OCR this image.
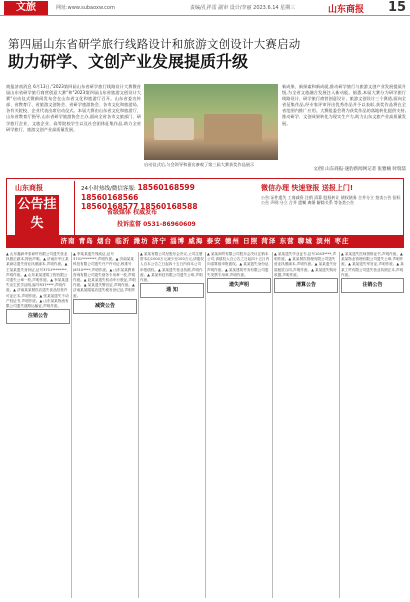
文旅	网址:www.subaoxw.com	责编/孔祥雷 副审 设计/李丽 2023.6.14 星期三	山东商报 15
第四届山东省研学旅行线路设计和旅游文创设计大赛启动
助力研学、文创产业发展提质升级
商报济南消息 6月13日,"2023第四届山东省研学旅行线路设计大赛暨首届山东省研学旅行商营创意大赛"和"2023第四届山东省旅游文创设计大赛"启动仪式暨新闻发布会在山东省文化和旅游厅召开。山东省委宣传部、省教育厅、省旅游文创协会、省研学旅游协会、各市文化和旅游局、各有关院校、企业代表出席启动仪式。本届大赛由山东省文化和旅游厅、山东省教育厅指导,山东省研学旅游协会主办,面向全省各市文旅部门、研学旅行企业、文旅企业、高等院校学生以及社会团体征集作品,助力全省研学旅行、旅游文创产业高质量发展。
启动仪式后,与会领导和嘉宾参观了第三届大赛获奖作品展示
新成果、新探索和新成就,推动研学旅行与旅游文创产业发展提质升级,为全省文旅融合发展注入新动能。据悉,本届大赛分为研学旅行线路设计、研学旅行商营创意设计、旅游文创设计三个赛道,面向全省征集作品,经专家评审评出优秀作品并予以表彰,获奖作品将在全省范围内推广应用。大赛组委会将为获奖作品的落地转化提供支持,推动研学、文创成果转化为现实生产力,助力山东文旅产业高质量发展。
文/图 山东商报·速豹新闻网记者 张雅楠 时瑞喆
山东商报
公告挂失
24小时热线/微信客服: 18560168599 18560168566
18560168577 18560168588
省级媒体 权威发布
投诉监督 0531-86960609
微信办理 快速登报 送报上门!
公告:证件遗失 工商减资 注销 清算 股权转让 债权债务 合并分立 拍卖公告 招标公告 声明:分立 合并 遗嘱 离婚 解除关系 等各类公告
济南 青岛 烟台 临沂 潍坊 济宁 淄博 威海 泰安 德州 日照 菏泽 东营 聊城 滨州 枣庄
▲ 山东鑫润华泰商贸有限公司遗失营业执照正副本,特此声明。▲ 济南市中区某某商店遗失营业执照副本,声明作废。▲ 王某某遗失身份证,证号3701********,声明作废。▲ 山东某某建筑工程有限公司遗失公章一枚,声明作废。▲ 李某某遗失出生医学证明,编号R37****,声明作废。▲ 济南某某餐饮店遗失食品经营许可证正本,声明作废。▲ 张某某遗失不动产权证书,声明作废。▲ 山东某某物流有限公司遗失道路运输证,声明作废。
注销公告
▲ 李某某遗失残疾证,证号3701********,声明作废。▲ 济南某某科技有限公司遗失开户许可证,核准号J4510****,声明作废。▲ 山东某某教育咨询有限公司遗失财务专用章一枚,声明作废。▲ 赵某某遗失机动车行驶证,声明作废。▲ 某某遗失警官证,声明作废。▲ 济南某某服装店遗失税务登记证,声明作废。
减资公告
▲ 某某有限公司经股东会决议,公司注册资本由1000万元减少至100万元,请债权人自本公告之日起四十五日内向本公司申报债权。▲ 某某遗失营业执照,声明作废。▲ 某某科技有限公司遗失公章,声明作废。
通 知
▲ 某某商贸有限公司股东会决议注销本公司,请债权人自公告之日起四十五日内向清算组申报债权。▲ 某某遗失身份证,声明作废。▲ 某某建筑劳务有限公司遗失发票专用章,声明作废。
遗失声明
▲ 某某遗失毕业证书,证号1043****,声明作废。▲ 某某餐饮管理有限公司遗失营业执照副本,声明作废。▲ 某某遗失房屋租赁合同,声明作废。▲ 某某遗失购房收据,声明作废。
清算公告
▲ 某某遗失医师资格证书,声明作废。▲ 某某物业管理有限公司遗失公章,声明作废。▲ 某某遗失军官证,声明作废。▲ 某某工贸有限公司遗失营业执照正本,声明作废。
注销公告
